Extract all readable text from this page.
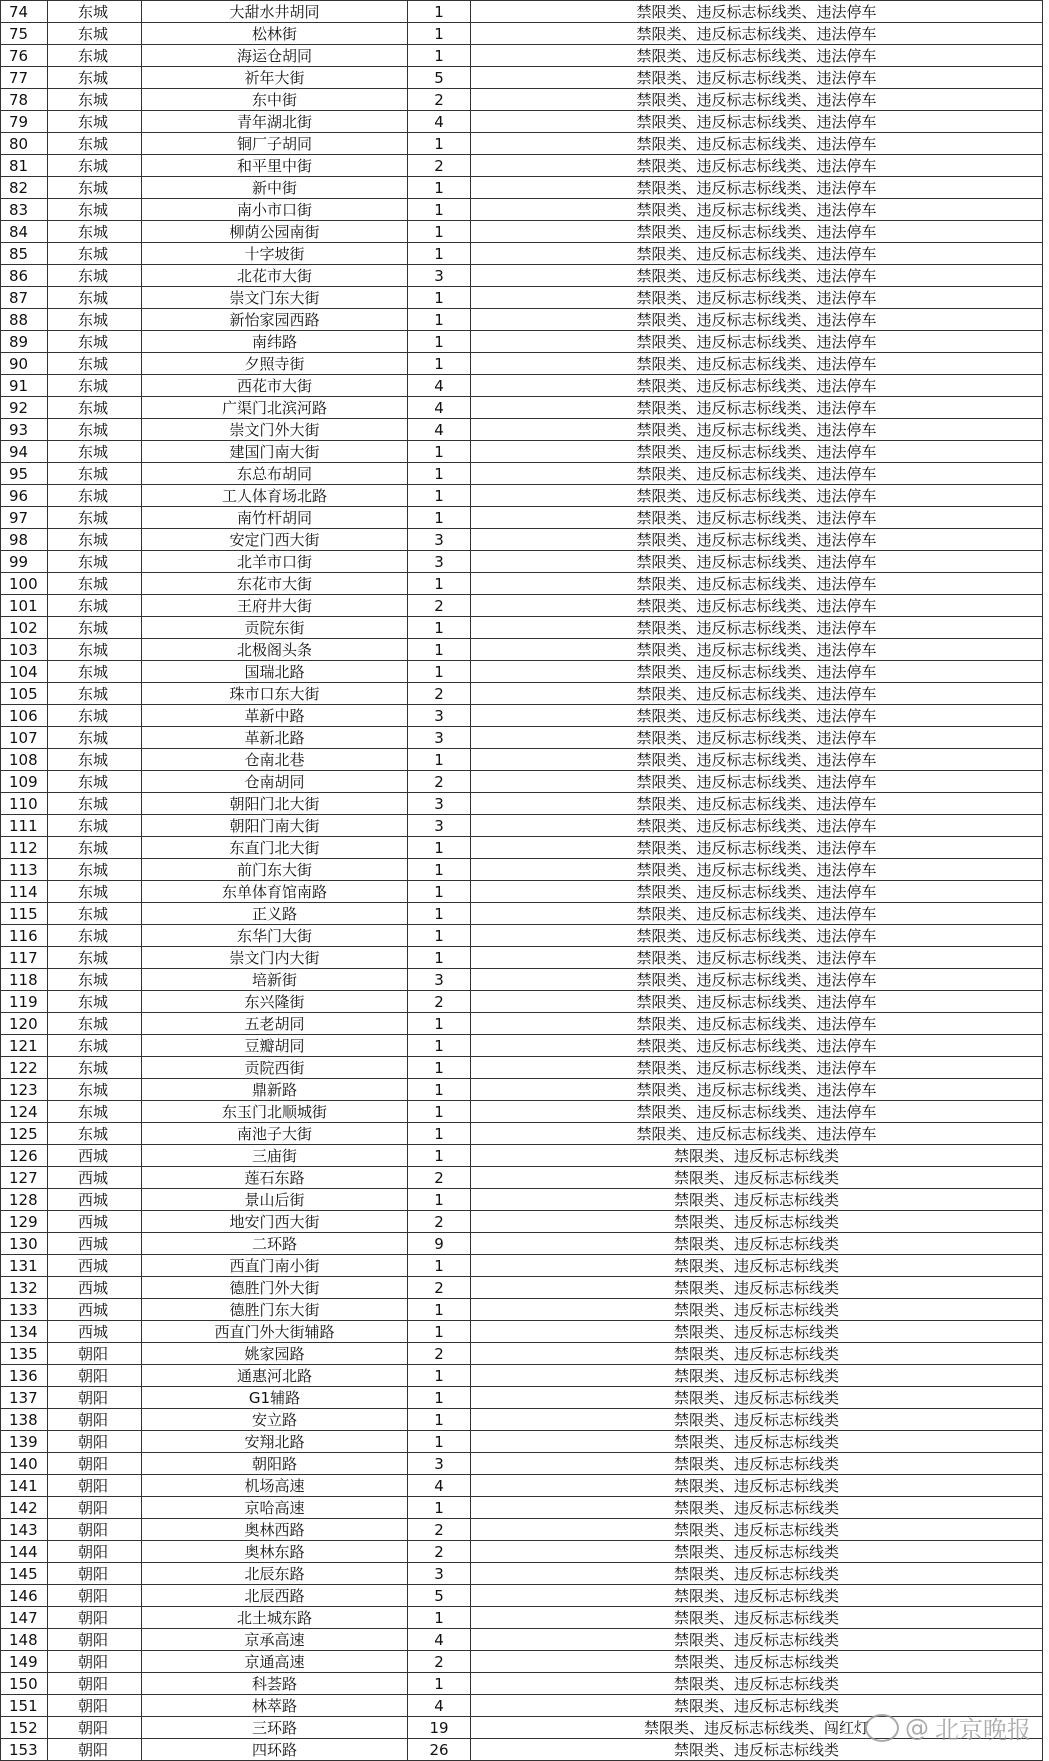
74	东城	大甜水井胡同	1	禁限类、违反标志标线类、违法停车
75	东城	松林街	1	禁限类、违反标志标线类、违法停车
76	东城	海运仓胡同	1	禁限类、违反标志标线类、违法停车
77	东城	祈年大街	5	禁限类、违反标志标线类、违法停车
78	东城	东中街	2	禁限类、违反标志标线类、违法停车
79	东城	青年湖北街	4	禁限类、违反标志标线类、违法停车
80	东城	铜厂子胡同	1	禁限类、违反标志标线类、违法停车
81	东城	和平里中街	2	禁限类、违反标志标线类、违法停车
82	东城	新中街	1	禁限类、违反标志标线类、违法停车
83	东城	南小市口街	1	禁限类、违反标志标线类、违法停车
84	东城	柳荫公园南街	1	禁限类、违反标志标线类、违法停车
85	东城	十字坡街	1	禁限类、违反标志标线类、违法停车
86	东城	北花市大街	3	禁限类、违反标志标线类、违法停车
87	东城	崇文门东大街	1	禁限类、违反标志标线类、违法停车
88	东城	新怡家园西路	1	禁限类、违反标志标线类、违法停车
89	东城	南纬路	1	禁限类、违反标志标线类、违法停车
90	东城	夕照寺街	1	禁限类、违反标志标线类、违法停车
91	东城	西花市大街	4	禁限类、违反标志标线类、违法停车
92	东城	广渠门北滨河路	4	禁限类、违反标志标线类、违法停车
93	东城	崇文门外大街	4	禁限类、违反标志标线类、违法停车
94	东城	建国门南大街	1	禁限类、违反标志标线类、违法停车
95	东城	东总布胡同	1	禁限类、违反标志标线类、违法停车
96	东城	工人体育场北路	1	禁限类、违反标志标线类、违法停车
97	东城	南竹杆胡同	1	禁限类、违反标志标线类、违法停车
98	东城	安定门西大街	3	禁限类、违反标志标线类、违法停车
99	东城	北羊市口街	3	禁限类、违反标志标线类、违法停车
100	东城	东花市大街	1	禁限类、违反标志标线类、违法停车
101	东城	王府井大街	2	禁限类、违反标志标线类、违法停车
102	东城	贡院东街	1	禁限类、违反标志标线类、违法停车
103	东城	北极阁头条	1	禁限类、违反标志标线类、违法停车
104	东城	国瑞北路	1	禁限类、违反标志标线类、违法停车
105	东城	珠市口东大街	2	禁限类、违反标志标线类、违法停车
106	东城	革新中路	3	禁限类、违反标志标线类、违法停车
107	东城	革新北路	3	禁限类、违反标志标线类、违法停车
108	东城	仓南北巷	1	禁限类、违反标志标线类、违法停车
109	东城	仓南胡同	2	禁限类、违反标志标线类、违法停车
110	东城	朝阳门北大街	3	禁限类、违反标志标线类、违法停车
111	东城	朝阳门南大街	3	禁限类、违反标志标线类、违法停车
112	东城	东直门北大街	1	禁限类、违反标志标线类、违法停车
113	东城	前门东大街	1	禁限类、违反标志标线类、违法停车
114	东城	东单体育馆南路	1	禁限类、违反标志标线类、违法停车
115	东城	正义路	1	禁限类、违反标志标线类、违法停车
116	东城	东华门大街	1	禁限类、违反标志标线类、违法停车
117	东城	崇文门内大街	1	禁限类、违反标志标线类、违法停车
118	东城	培新街	3	禁限类、违反标志标线类、违法停车
119	东城	东兴隆街	2	禁限类、违反标志标线类、违法停车
120	东城	五老胡同	1	禁限类、违反标志标线类、违法停车
121	东城	豆瓣胡同	1	禁限类、违反标志标线类、违法停车
122	东城	贡院西街	1	禁限类、违反标志标线类、违法停车
123	东城	鼎新路	1	禁限类、违反标志标线类、违法停车
124	东城	东玉门北顺城街	1	禁限类、违反标志标线类、违法停车
125	东城	南池子大街	1	禁限类、违反标志标线类、违法停车
126	西城	三庙街	1	禁限类、违反标志标线类
127	西城	莲石东路	2	禁限类、违反标志标线类
128	西城	景山后街	1	禁限类、违反标志标线类
129	西城	地安门西大街	2	禁限类、违反标志标线类
130	西城	二环路	9	禁限类、违反标志标线类
131	西城	西直门南小街	1	禁限类、违反标志标线类
132	西城	德胜门外大街	2	禁限类、违反标志标线类
133	西城	德胜门东大街	1	禁限类、违反标志标线类
134	西城	西直门外大街辅路	1	禁限类、违反标志标线类
135	朝阳	姚家园路	2	禁限类、违反标志标线类
136	朝阳	通惠河北路	1	禁限类、违反标志标线类
137	朝阳	G1辅路	1	禁限类、违反标志标线类
138	朝阳	安立路	1	禁限类、违反标志标线类
139	朝阳	安翔北路	1	禁限类、违反标志标线类
140	朝阳	朝阳路	3	禁限类、违反标志标线类
141	朝阳	机场高速	4	禁限类、违反标志标线类
142	朝阳	京哈高速	1	禁限类、违反标志标线类
143	朝阳	奥林西路	2	禁限类、违反标志标线类
144	朝阳	奥林东路	2	禁限类、违反标志标线类
145	朝阳	北辰东路	3	禁限类、违反标志标线类
146	朝阳	北辰西路	5	禁限类、违反标志标线类
147	朝阳	北土城东路	1	禁限类、违反标志标线类
148	朝阳	京承高速	4	禁限类、违反标志标线类
149	朝阳	京通高速	2	禁限类、违反标志标线类
150	朝阳	科荟路	1	禁限类、违反标志标线类
151	朝阳	林萃路	4	禁限类、违反标志标线类
152	朝阳	三环路	19	禁限类、违反标志标线类、闯红灯
153	朝阳	四环路	26	禁限类、违反标志标线类
@ 北京晚报
